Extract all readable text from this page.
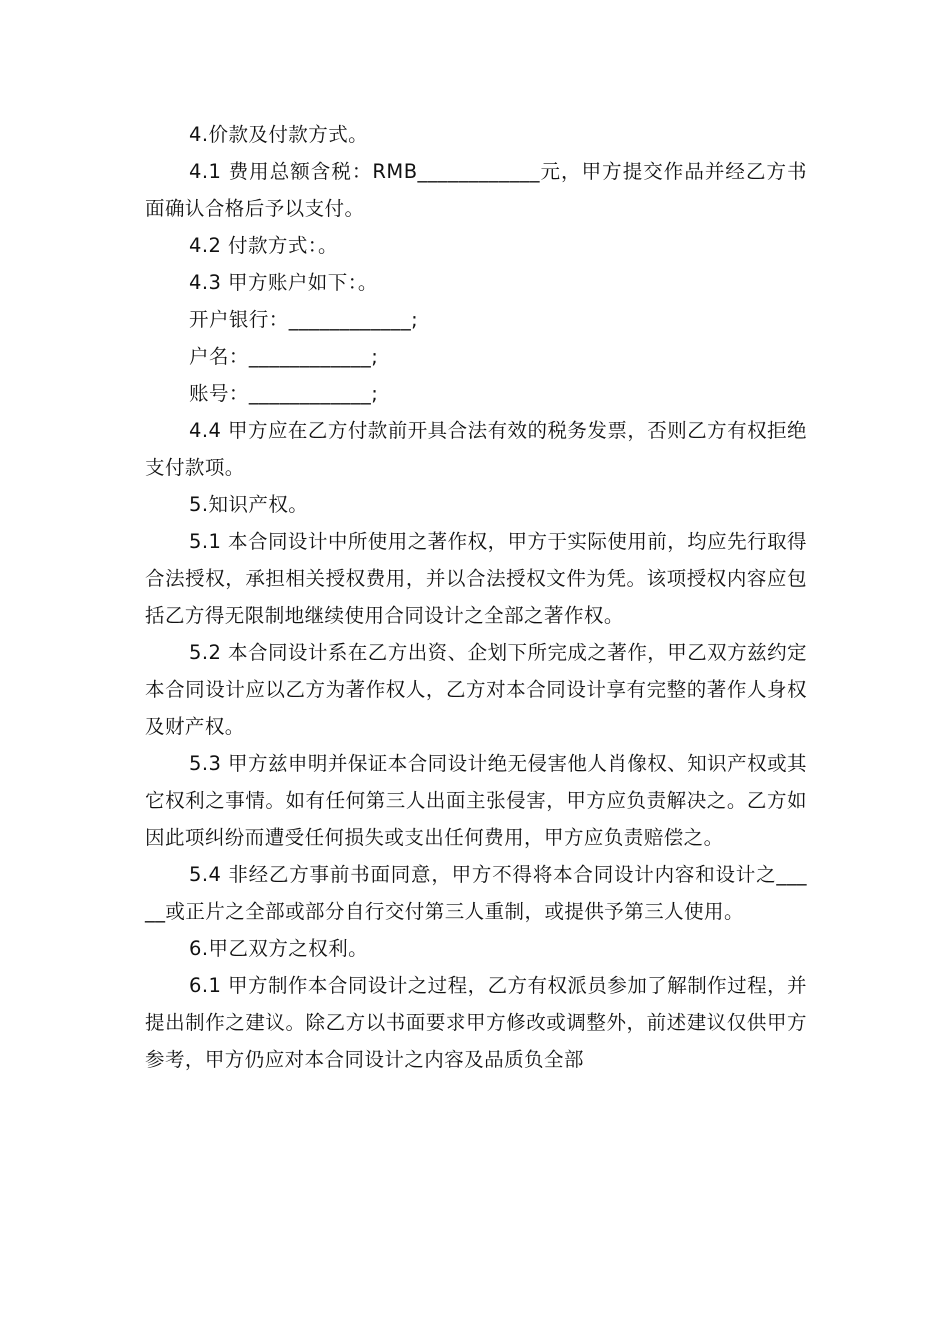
4.价款及付款方式。

4.1 费用总额含税：RMB____________元，甲方提交作品并经乙方书面确认合格后予以支付。

4.2 付款方式：。

4.3 甲方账户如下：。

开户银行：____________;

户名：____________;

账号：____________;

4.4 甲方应在乙方付款前开具合法有效的税务发票，否则乙方有权拒绝支付款项。

5.知识产权。

5.1 本合同设计中所使用之著作权，甲方于实际使用前，均应先行取得合法授权，承担相关授权费用，并以合法授权文件为凭。该项授权内容应包括乙方得无限制地继续使用合同设计之全部之著作权。

5.2 本合同设计系在乙方出资、企划下所完成之著作，甲乙双方兹约定本合同设计应以乙方为著作权人，乙方对本合同设计享有完整的著作人身权及财产权。

5.3 甲方兹申明并保证本合同设计绝无侵害他人肖像权、知识产权或其它权利之事情。如有任何第三人出面主张侵害，甲方应负责解决之。乙方如因此项纠纷而遭受任何损失或支出任何费用，甲方应负责赔偿之。

5.4 非经乙方事前书面同意，甲方不得将本合同设计内容和设计之_____或正片之全部或部分自行交付第三人重制，或提供予第三人使用。

6.甲乙双方之权利。

6.1 甲方制作本合同设计之过程，乙方有权派员参加了解制作过程，并提出制作之建议。除乙方以书面要求甲方修改或调整外，前述建议仅供甲方参考，甲方仍应对本合同设计之内容及品质负全部
